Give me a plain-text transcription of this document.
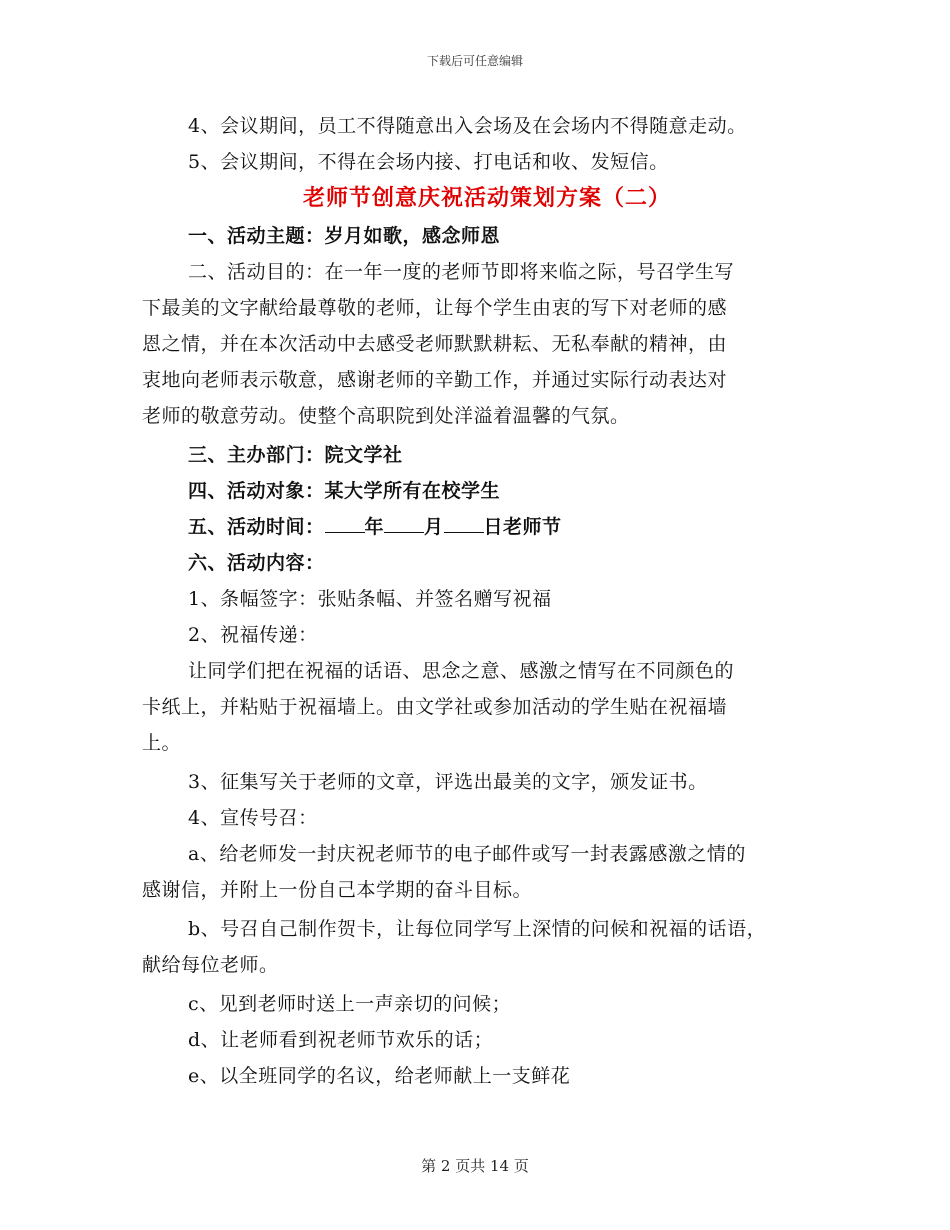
下载后可任意编辑
4、会议期间，员工不得随意出入会场及在会场内不得随意走动。
5、会议期间，不得在会场内接、打电话和收、发短信。
老师节创意庆祝活动策划方案（二）
一、活动主题：岁月如歌，感念师恩
二、活动目的：在一年一度的老师节即将来临之际，号召学生写
下最美的文字献给最尊敬的老师，让每个学生由衷的写下对老师的感
恩之情，并在本次活动中去感受老师默默耕耘、无私奉献的精神，由
衷地向老师表示敬意，感谢老师的辛勤工作，并通过实际行动表达对
老师的敬意劳动。使整个高职院到处洋溢着温馨的气氛。
三、主办部门：院文学社
四、活动对象：某大学所有在校学生
五、活动时间： 年 月 日老师节
六、活动内容：
1、条幅签字：张贴条幅、并签名赠写祝福
2、祝福传递：
让同学们把在祝福的话语、思念之意、感激之情写在不同颜色的
卡纸上，并粘贴于祝福墙上。由文学社或参加活动的学生贴在祝福墙
上。
3、征集写关于老师的文章，评选出最美的文字，颁发证书。
4、宣传号召：
a、给老师发一封庆祝老师节的电子邮件或写一封表露感激之情的
感谢信，并附上一份自己本学期的奋斗目标。
b、号召自己制作贺卡，让每位同学写上深情的问候和祝福的话语，
献给每位老师。
c、见到老师时送上一声亲切的问候；
d、让老师看到祝老师节欢乐的话；
e、以全班同学的名议，给老师献上一支鲜花
第 2 页共 14 页
